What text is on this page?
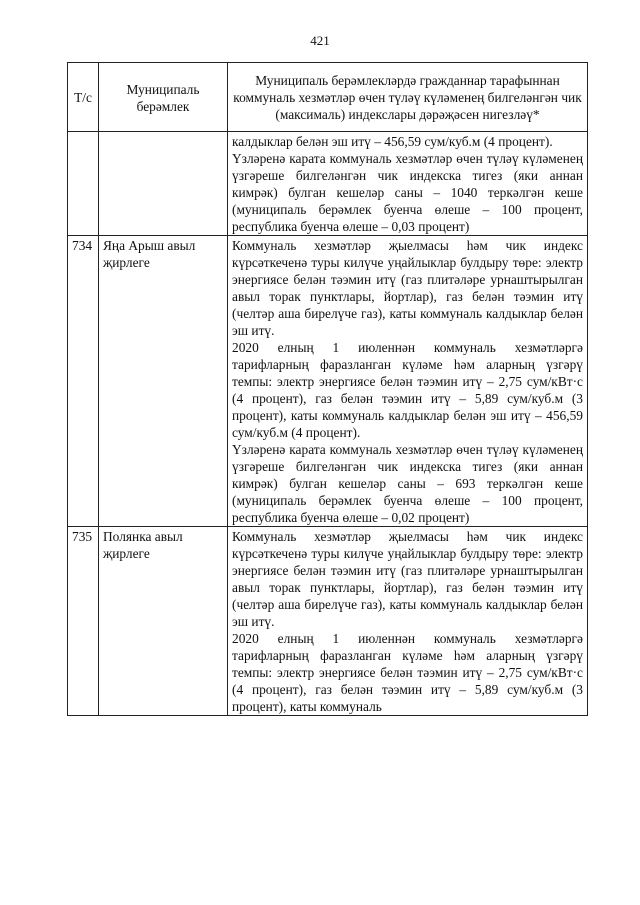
421
Т/с	Муниципаль берәмлек	Муниципаль берәмлекләрдә гражданнар тарафыннан коммуналь хезмәтләр өчен түләү күләменең билгеләнгән чик (максималь) индекслары дәрәҗәсен нигезләү*

		калдыклар белән эш итү – 456,59 сум/куб.м (4 процент).

Үзләренә карата коммуналь хезмәтләр өчен түләү күләменең үзгәреше билгеләнгән чик индекска тигез (яки аннан кимрәк) булган кешеләр саны – 1040 теркәлгән кеше (муниципаль берәмлек буенча өлеше – 100 процент, республика буенча өлеше – 0,03 процент)

734	Яңа Арыш авыл җирлеге	Коммуналь хезмәтләр җыелмасы һәм чик индекс күрсәткеченә туры килүче уңайлыклар булдыру төре: электр энергиясе белән тәэмин итү (газ плитәләре урнаштырылган авыл торак пунктлары, йортлар), газ белән тәэмин итү (челтәр аша бирелүче газ), каты коммуналь калдыклар белән эш итү.

2020 елның 1 июленнән коммуналь хезмәтләргә тарифларның фаразланган күләме һәм аларның үзгәрү темпы: электр энергиясе белән тәэмин итү – 2,75 сум/кВт·с (4 процент), газ белән тәэмин итү – 5,89 сум/куб.м (3 процент), каты коммуналь калдыклар белән эш итү – 456,59 сум/куб.м (4 процент).

Үзләренә карата коммуналь хезмәтләр өчен түләү күләменең үзгәреше билгеләнгән чик индекска тигез (яки аннан кимрәк) булган кешеләр саны – 693 теркәлгән кеше (муниципаль берәмлек буенча өлеше – 100 процент, республика буенча өлеше – 0,02 процент)

735	Полянка авыл җирлеге	Коммуналь хезмәтләр җыелмасы һәм чик индекс күрсәткеченә туры килүче уңайлыклар булдыру төре: электр энергиясе белән тәэмин итү (газ плитәләре урнаштырылган авыл торак пунктлары, йортлар), газ белән тәэмин итү (челтәр аша бирелүче газ), каты коммуналь калдыклар белән эш итү.

2020 елның 1 июленнән коммуналь хезмәтләргә тарифларның фаразланган күләме һәм аларның үзгәрү темпы: электр энергиясе белән тәэмин итү – 2,75 сум/кВт·с (4 процент), газ белән тәэмин итү – 5,89 сум/куб.м (3 процент), каты коммуналь
